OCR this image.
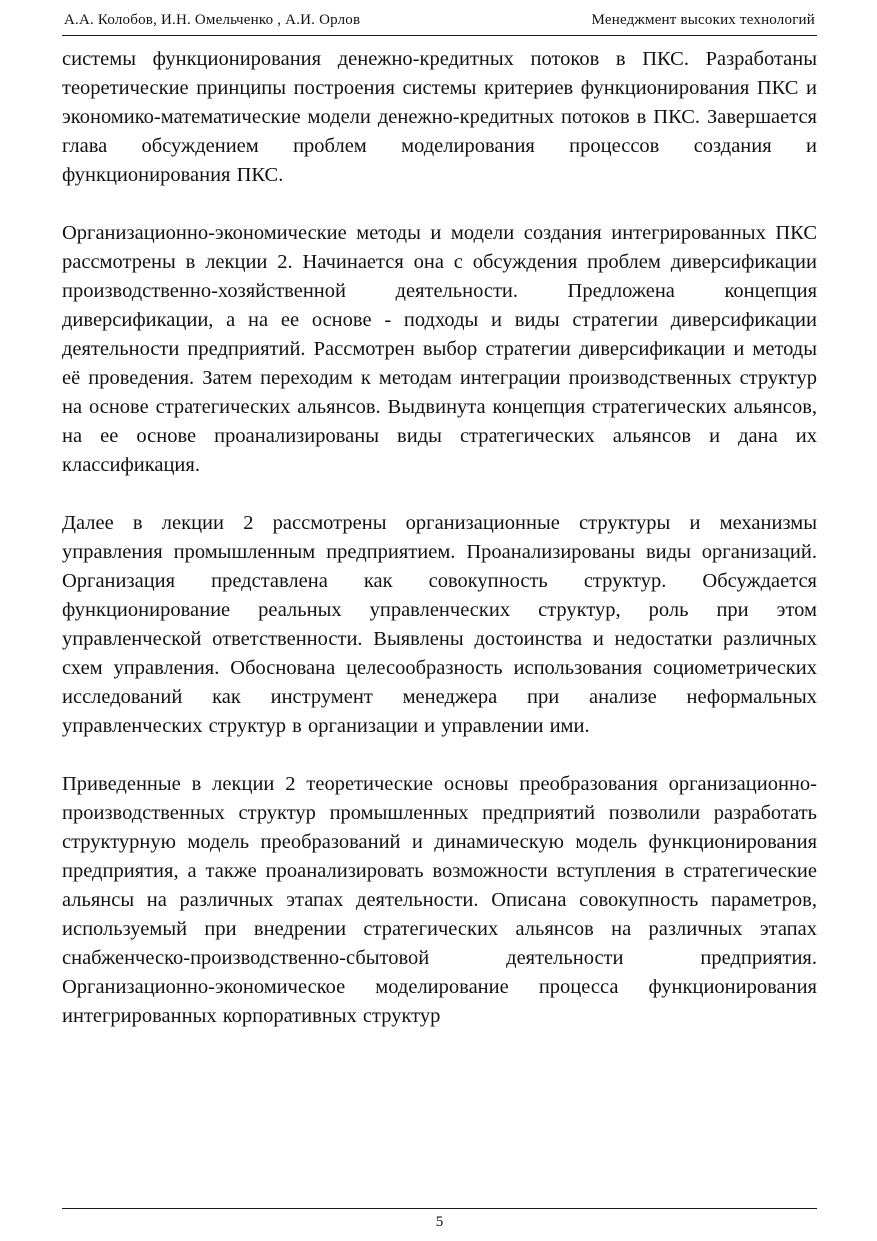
А.А. Колобов, И.Н. Омельченко , А.И. Орлов	Менеджмент высоких технологий

системы функционирования денежно-кредитных потоков в ПКС. Разработаны теоретические принципы построения системы критериев функционирования ПКС и экономико-математические модели денежно-кредитных потоков в ПКС. Завершается глава обсуждением проблем моделирования процессов создания и функционирования ПКС.

Организационно-экономические методы и модели создания интегрированных ПКС рассмотрены в лекции 2. Начинается она с обсуждения проблем диверсификации производственно-хозяйственной деятельности. Предложена концепция диверсификации, а на ее основе - подходы и виды стратегии диверсификации деятельности предприятий. Рассмотрен выбор стратегии диверсификации и методы её проведения. Затем переходим к методам интеграции производственных структур на основе стратегических альянсов. Выдвинута концепция стратегических альянсов, на ее основе проанализированы виды стратегических альянсов и дана их классификация.

Далее в лекции 2 рассмотрены организационные структуры и механизмы управления промышленным предприятием. Проанализированы виды организаций. Организация представлена как совокупность структур. Обсуждается функционирование реальных управленческих структур, роль при этом управленческой ответственности. Выявлены достоинства и недостатки различных схем управления. Обоснована целесообразность использования социометрических исследований как инструмент менеджера при анализе неформальных управленческих структур в организации и управлении ими.

Приведенные в лекции 2 теоретические основы преобразования организационно-производственных структур промышленных предприятий позволили разработать структурную модель преобразований и динамическую модель функционирования предприятия, а также проанализировать возможности вступления в стратегические альянсы на различных этапах деятельности. Описана совокупность параметров, используемый при внедрении стратегических альянсов на различных этапах снабженческо-производственно-сбытовой деятельности предприятия. Организационно-экономическое моделирование процесса функционирования интегрированных корпоративных структур

5
